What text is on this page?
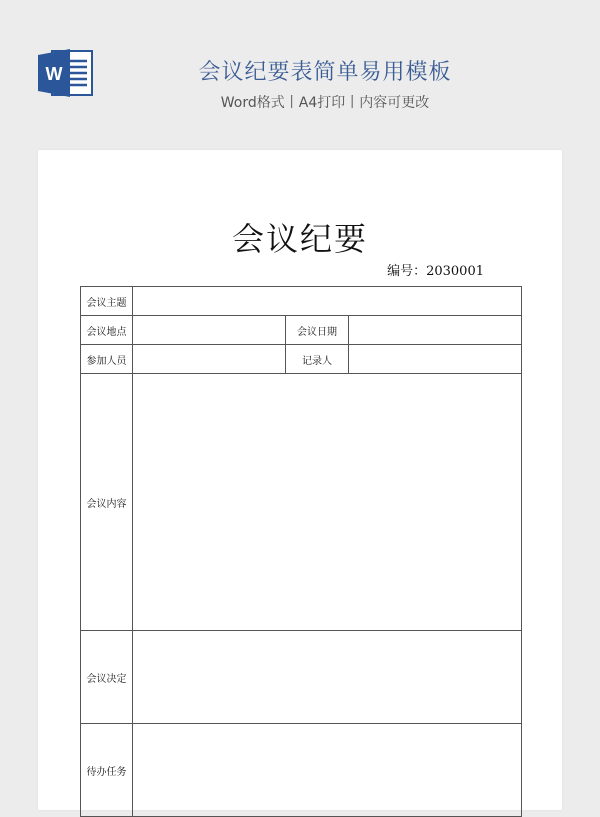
W	会议纪要表简单易用模板
Word格式丨A4打印丨内容可更改
会议纪要
编号：2030001
会议主题			
会议地点		会议日期	
参加人员		记录人	
会议内容			
会议决定			
待办任务			
